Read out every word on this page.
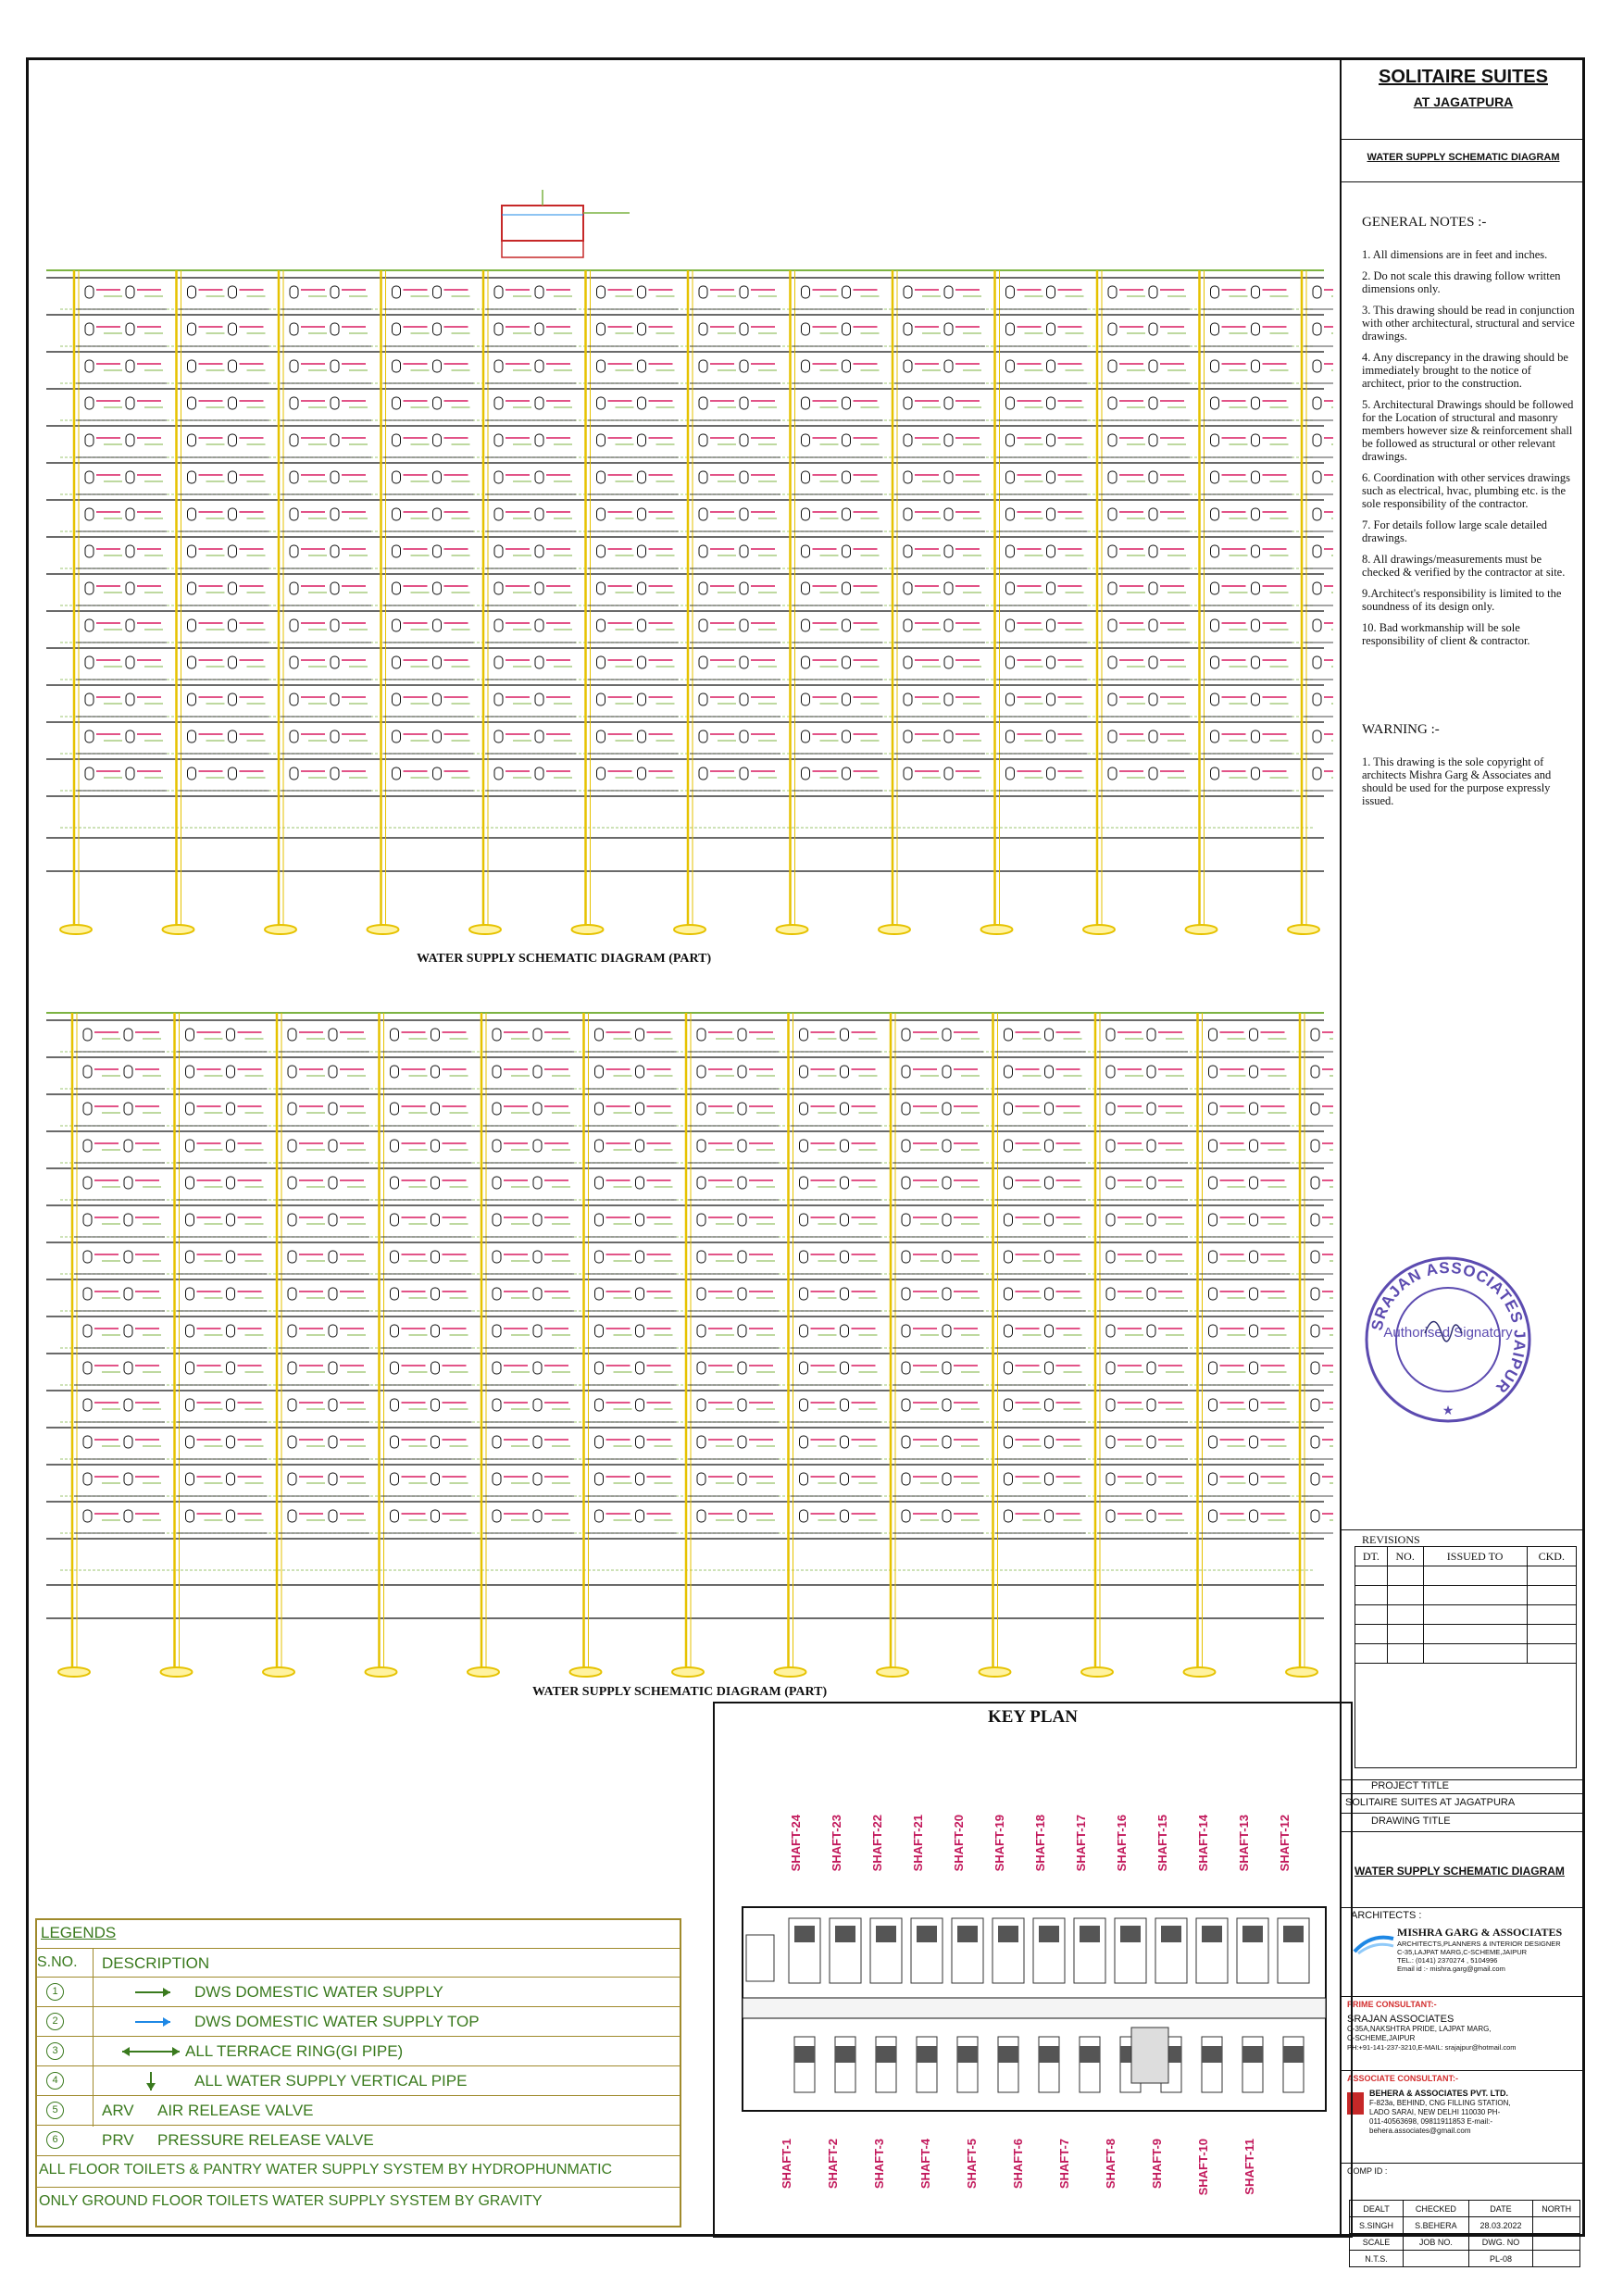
WATER SUPPLY SCHEMATIC DIAGRAM (PART)
WATER SUPPLY SCHEMATIC DIAGRAM (PART)
SOLITAIRE SUITES
AT JAGATPURA
WATER SUPPLY SCHEMATIC DIAGRAM
GENERAL NOTES :-
1. All dimensions are in feet and inches.
2. Do not scale this drawing follow written dimensions only.
3. This drawing should be read in conjunction with other architectural, structural and service drawings.
4. Any discrepancy in the drawing should be immediately brought to the notice of architect, prior to the construction.
5. Architectural Drawings should be followed for the Location of structural and masonry members however size & reinforcement shall be followed as structural or other relevant drawings.
6. Coordination with other services drawings such as electrical, hvac, plumbing etc. is the sole responsibility of the contractor.
7. For details follow large scale detailed drawings.
8. All drawings/measurements must be checked & verified by the contractor at site.
9.Architect's responsibility is limited to the soundness of its design only.
10. Bad workmanship will be sole responsibility of client & contractor.
WARNING :-
1. This drawing is the sole copyright of architects Mishra Garg & Associates and should be used for the purpose expressly issued.
SRAJAN ASSOCIATES JAIPUR
Authorised Signatory
★
REVISIONS
DT.	NO.	ISSUED TO	CKD.

PROJECT TITLE
SOLITAIRE SUITES AT JAGATPURA
DRAWING TITLE
WATER SUPPLY SCHEMATIC DIAGRAM
ARCHITECTS :
MISHRA GARG & ASSOCIATES
ARCHITECTS,PLANNERS & INTERIOR DESIGNER
C-35,LAJPAT MARG,C-SCHEME,JAIPUR
TEL.: (0141) 2370274 , 5104996
Email id :- mishra.garg@gmail.com
PRIME CONSULTANT:-
SRAJAN ASSOCIATES
C-35A,NAKSHTRA PRIDE, LAJPAT MARG,
C-SCHEME,JAIPUR
PH:+91-141-237-3210,E-MAIL: srajajpur@hotmail.com
ASSOCIATE CONSULTANT:-
BEHERA & ASSOCIATES PVT. LTD.
F-823a, BEHIND, CNG FILLING STATION,
LADO SARAI, NEW DELHI 110030 PH-
011-40563698, 09811911853 E-mail:-
behera.associates@gmail.com
COMP ID :
DEALT	CHECKED	DATE	NORTH
S.SINGH	S.BEHERA	28.03.2022	
SCALE	JOB NO.	DWG. NO	
N.T.S.		PL-08	
LEGENDS
S.NO. DESCRIPTION
1	DWS DOMESTIC WATER SUPPLY
2	DWS DOMESTIC WATER SUPPLY TOP
3	ALL TERRACE RING(GI PIPE)
4	ALL WATER SUPPLY VERTICAL PIPE
5	ARV AIR RELEASE VALVE
6	PRV PRESSURE RELEASE VALVE
ALL FLOOR TOILETS & PANTRY WATER SUPPLY SYSTEM BY HYDROPHUNMATIC
ONLY GROUND FLOOR TOILETS WATER SUPPLY SYSTEM BY GRAVITY
KEY PLAN
SHAFT-24 SHAFT-23 SHAFT-22 SHAFT-21 SHAFT-20 SHAFT-19 SHAFT-18 SHAFT-17 SHAFT-16 SHAFT-15 SHAFT-14 SHAFT-13 SHAFT-12
SHAFT-1	SHAFT-2	SHAFT-3	SHAFT-4	SHAFT-5	SHAFT-6	SHAFT-7	SHAFT-8	SHAFT-9	SHAFT-10	SHAFT-11
